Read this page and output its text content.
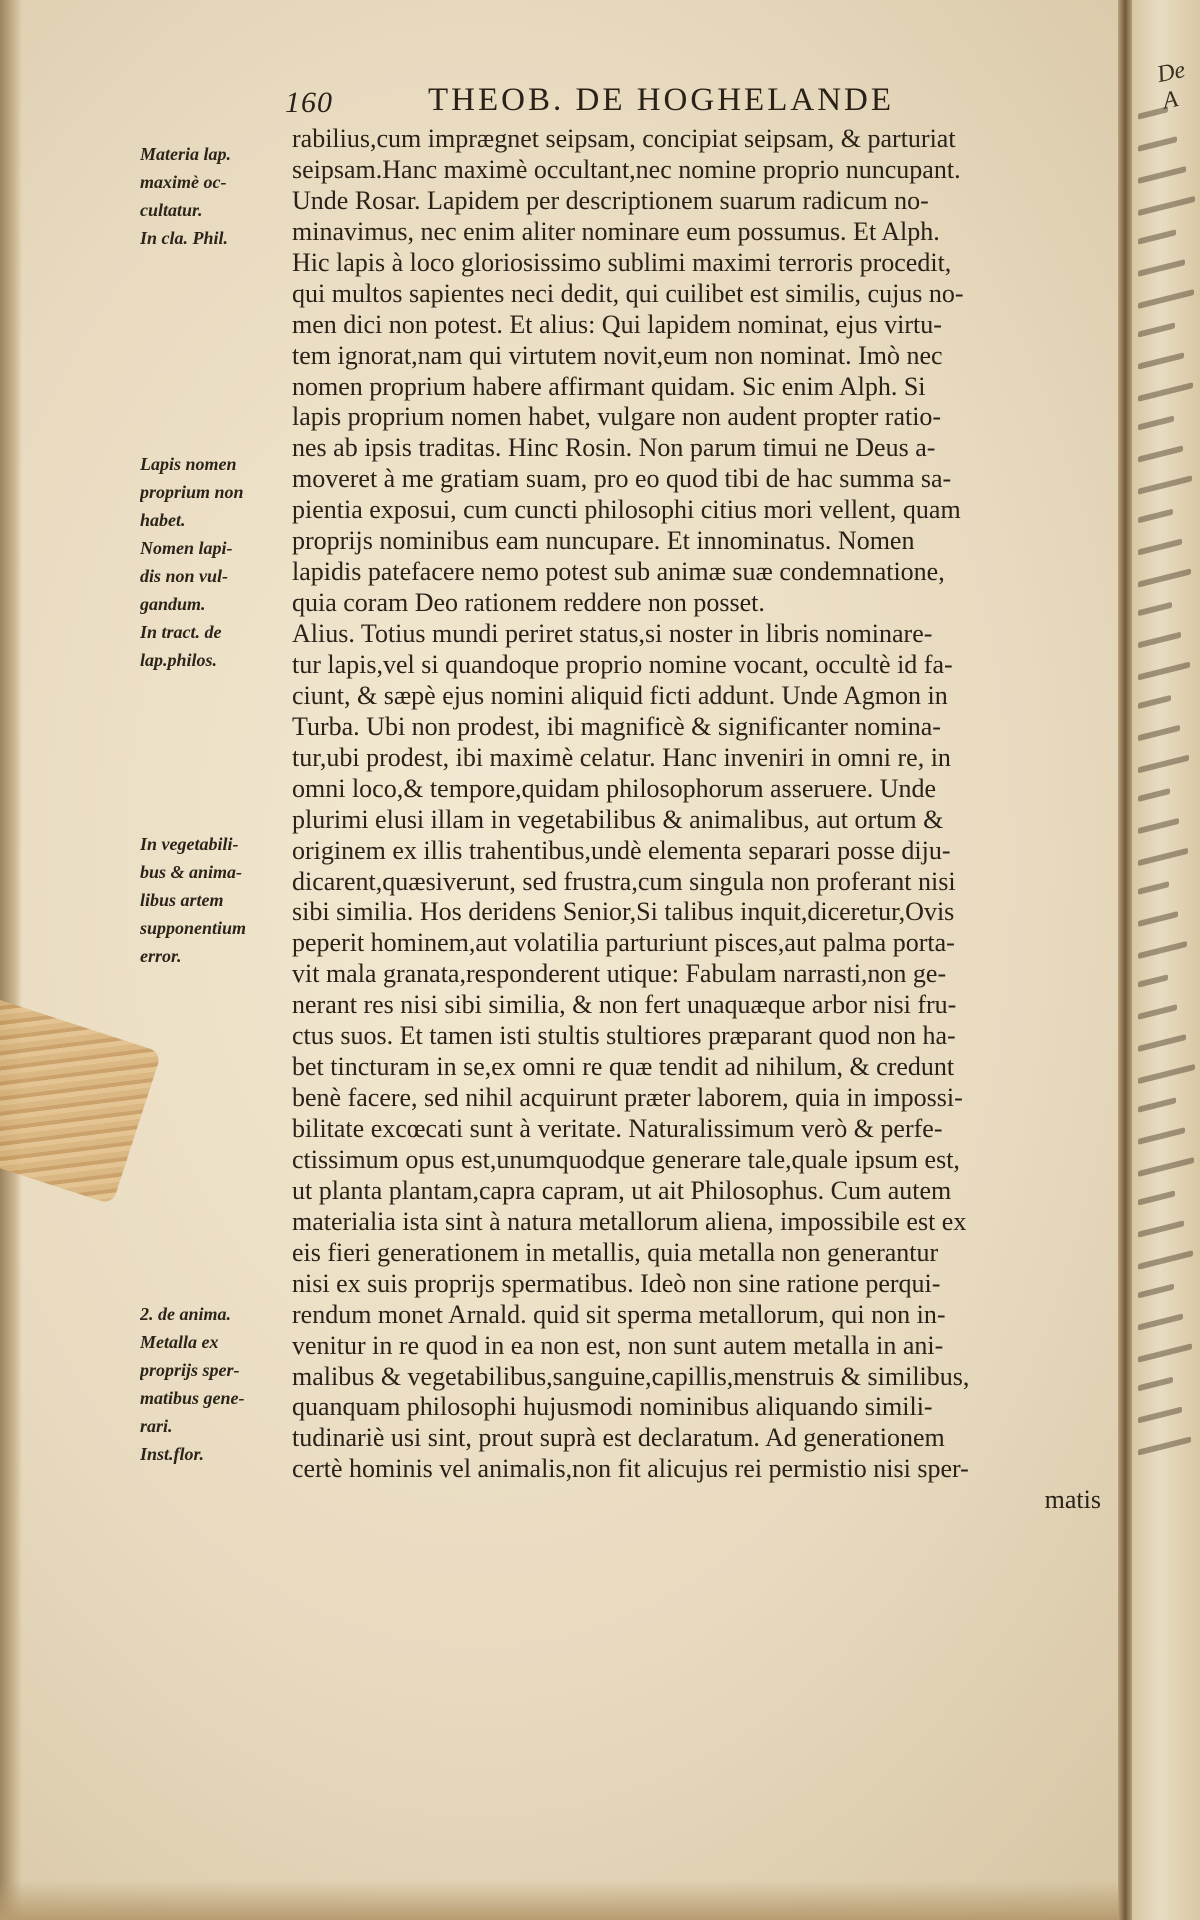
De A
160	THEOB. DE HOGHELANDE
Materia lap.
maximè oc-
cultatur.
In cla. Phil.
Lapis nomen
proprium non
habet.
Nomen lapi-
dis non vul-
gandum.
In tract. de
lap.philos.
In vegetabili-
bus & anima-
libus artem
supponentium
error.
2. de anima.
Metalla ex
proprijs sper-
matibus gene-
rari.
Inst.flor.
rabilius,cum imprægnet seipsam, concipiat seipsam, & parturiat
seipsam.Hanc maximè occultant,nec nomine proprio nuncupant.
Unde Rosar. Lapidem per descriptionem suarum radicum no-
minavimus, nec enim aliter nominare eum possumus. Et Alph.
Hic lapis à loco gloriosissimo sublimi maximi terroris procedit,
qui multos sapientes neci dedit, qui cuilibet est similis, cujus no-
men dici non potest. Et alius: Qui lapidem nominat, ejus virtu-
tem ignorat,nam qui virtutem novit,eum non nominat. Imò nec
nomen proprium habere affirmant quidam. Sic enim Alph. Si
lapis proprium nomen habet, vulgare non audent propter ratio-
nes ab ipsis traditas. Hinc Rosin. Non parum timui ne Deus a-
moveret à me gratiam suam, pro eo quod tibi de hac summa sa-
pientia exposui, cum cuncti philosophi citius mori vellent, quam
proprijs nominibus eam nuncupare. Et innominatus. Nomen
lapidis patefacere nemo potest sub animæ suæ condemnatione,
quia coram Deo rationem reddere non posset.
Alius. Totius mundi periret status,si noster in libris nominare-
tur lapis,vel si quandoque proprio nomine vocant, occultè id fa-
ciunt, & sæpè ejus nomini aliquid ficti addunt. Unde Agmon in
Turba. Ubi non prodest, ibi magnificè & significanter nomina-
tur,ubi prodest, ibi maximè celatur. Hanc inveniri in omni re, in
omni loco,& tempore,quidam philosophorum asseruere. Unde
plurimi elusi illam in vegetabilibus & animalibus, aut ortum &
originem ex illis trahentibus,undè elementa separari posse diju-
dicarent,quæsiverunt, sed frustra,cum singula non proferant nisi
sibi similia. Hos deridens Senior,Si talibus inquit,diceretur,Ovis
peperit hominem,aut volatilia parturiunt pisces,aut palma porta-
vit mala granata,responderent utique: Fabulam narrasti,non ge-
nerant res nisi sibi similia, & non fert unaquæque arbor nisi fru-
ctus suos. Et tamen isti stultis stultiores præparant quod non ha-
bet tincturam in se,ex omni re quæ tendit ad nihilum, & credunt
benè facere, sed nihil acquirunt præter laborem, quia in impossi-
bilitate excœcati sunt à veritate. Naturalissimum verò & perfe-
ctissimum opus est,unumquodque generare tale,quale ipsum est,
ut planta plantam,capra capram, ut ait Philosophus. Cum autem
materialia ista sint à natura metallorum aliena, impossibile est ex
eis fieri generationem in metallis, quia metalla non generantur
nisi ex suis proprijs spermatibus. Ideò non sine ratione perqui-
rendum monet Arnald. quid sit sperma metallorum, qui non in-
venitur in re quod in ea non est, non sunt autem metalla in ani-
malibus & vegetabilibus,sanguine,capillis,menstruis & similibus,
quanquam philosophi hujusmodi nominibus aliquando simili-
tudinariè usi sint, prout suprà est declaratum. Ad generationem
certè hominis vel animalis,non fit alicujus rei permistio nisi sper-
matis
